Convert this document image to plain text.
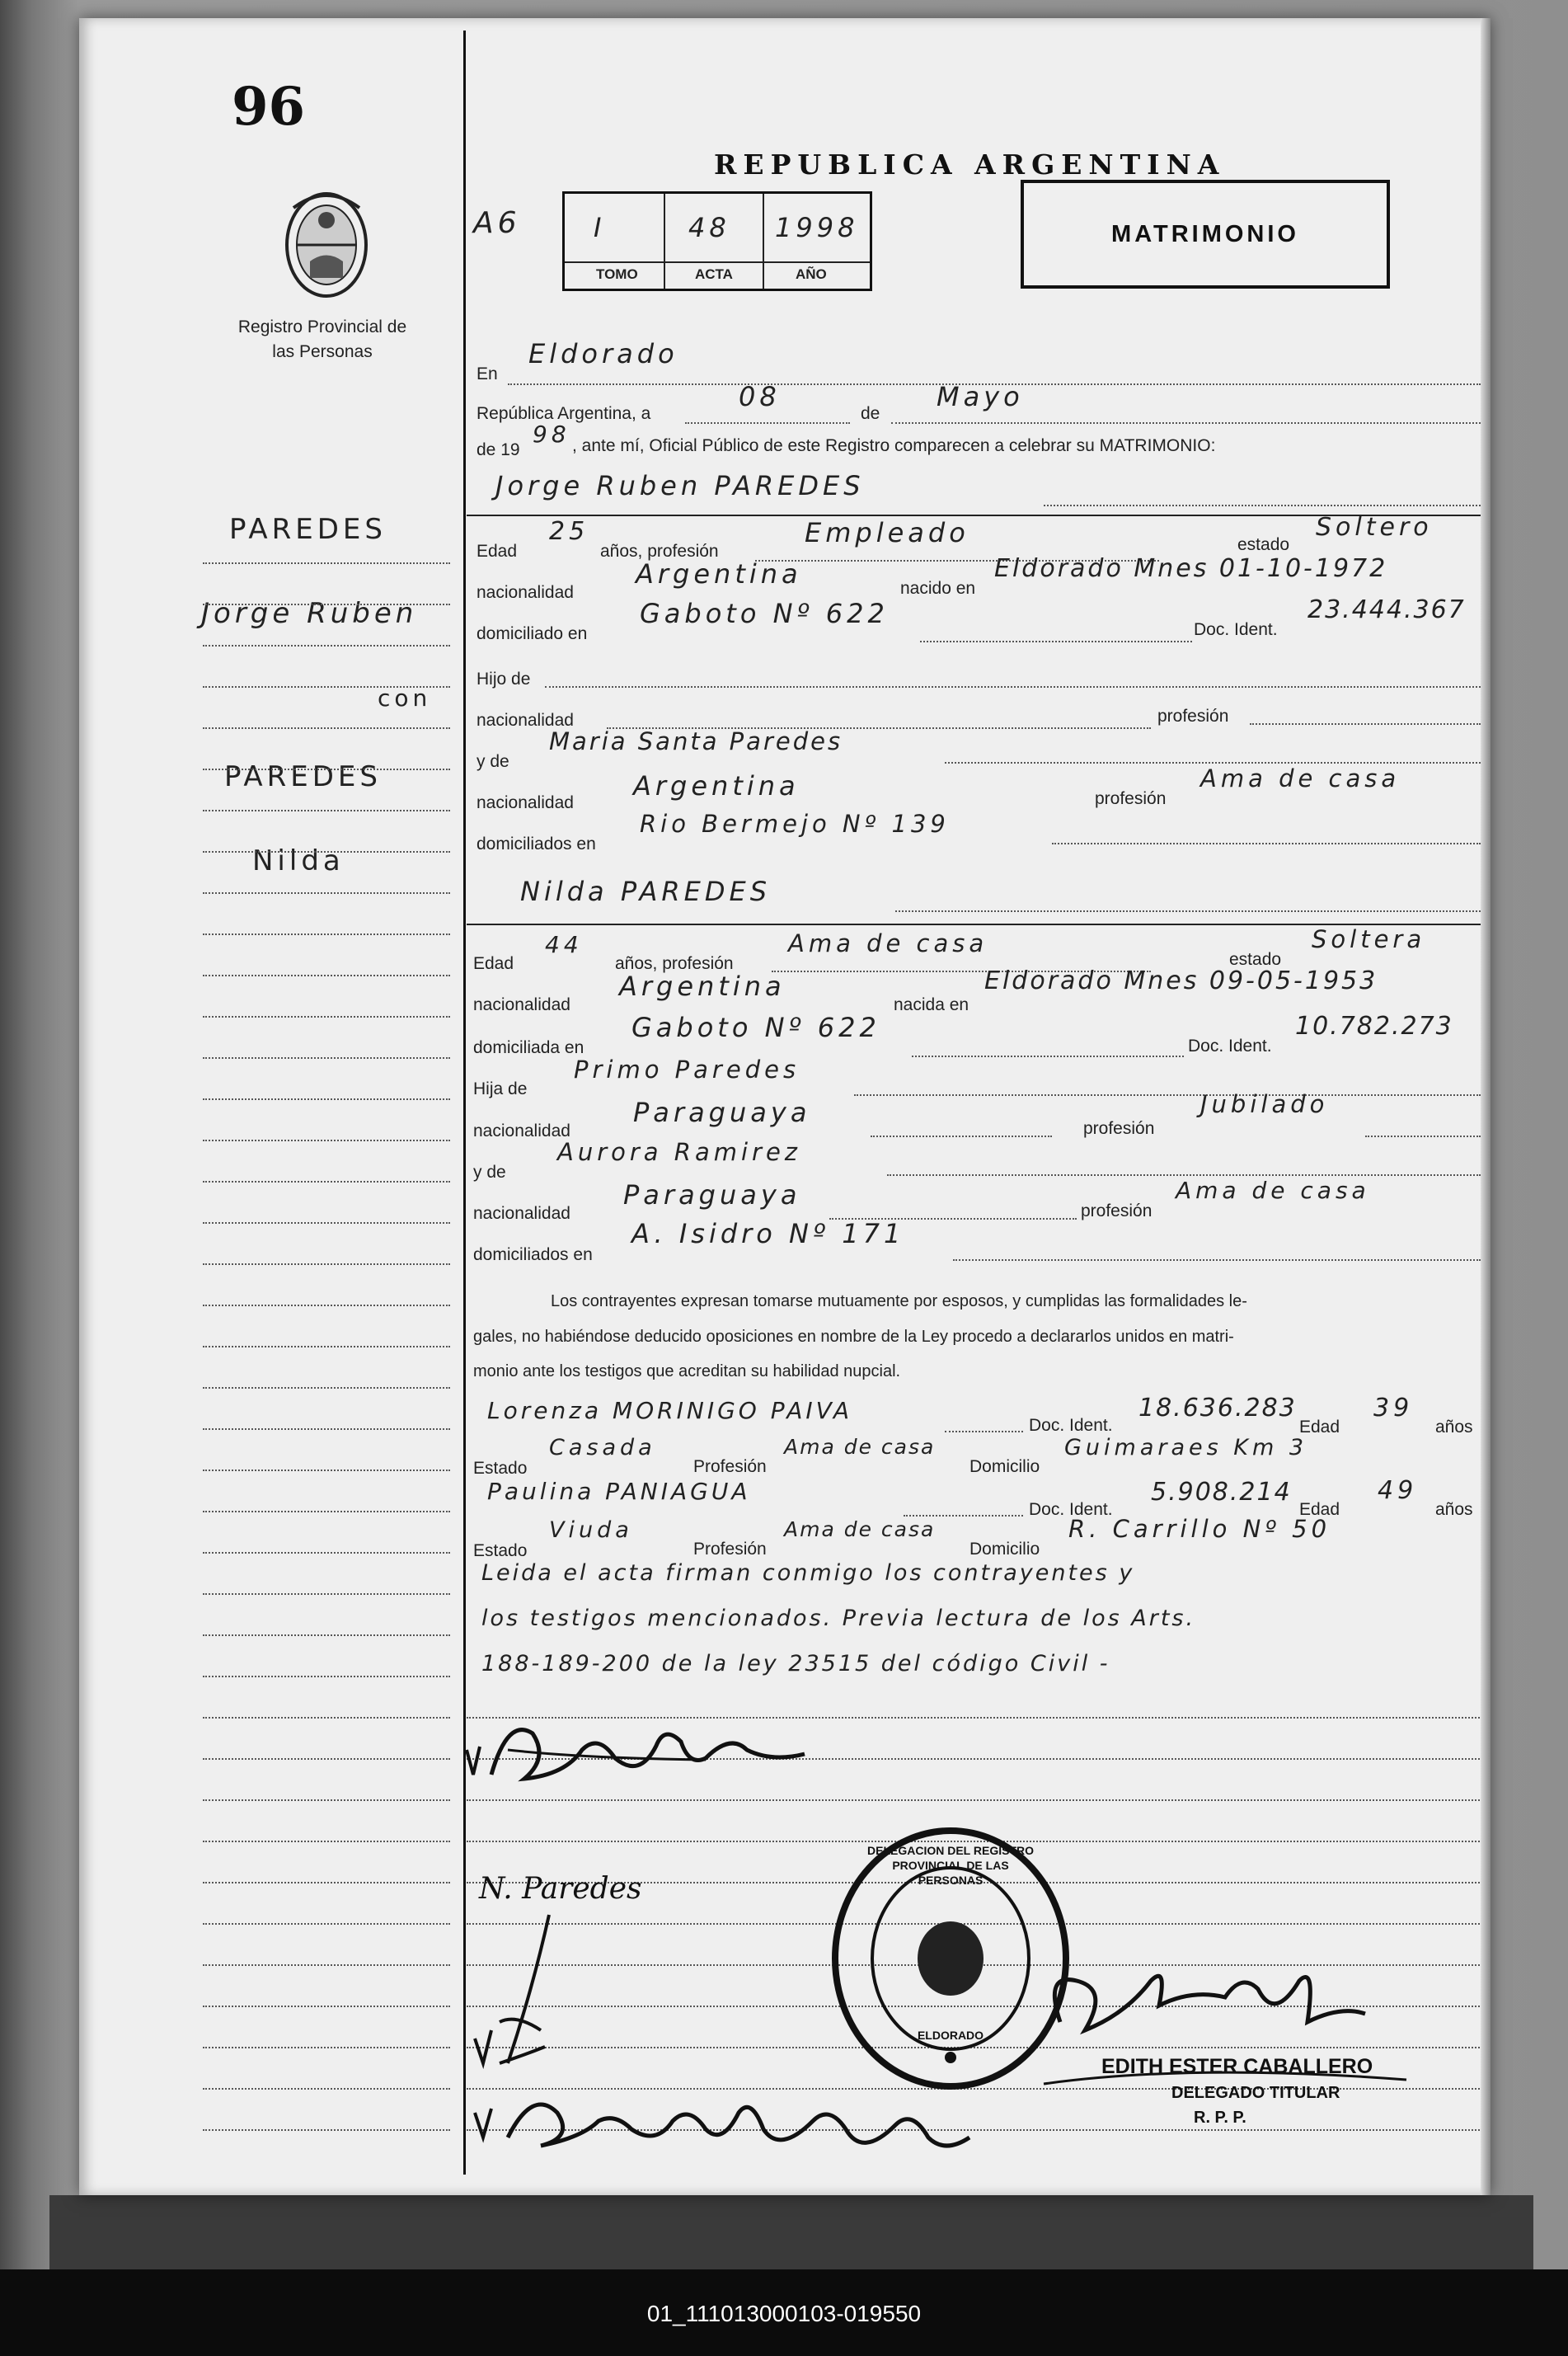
96
Registro Provincial de las Personas
REPUBLICA ARGENTINA
A6	I	48 1998
TOMO	ACTA	AÑO
MATRIMONIO
PAREDES
Jorge Ruben
con
PAREDES
Nilda
En
Eldorado
República Argentina, a
08
de
Mayo
de 19
98 , ante mí, Oficial Público de este Registro comparecen a celebrar su MATRIMONIO:
Jorge Ruben PAREDES
Edad
25
años, profesión
Empleado	estado
Soltero
nacionalidad
Argentina	nacido en
Eldorado Mnes 01-10-1972
domiciliado en
Gaboto Nº 622
Doc. Ident.
23.444.367
Hijo de
nacionalidad	profesión
y de
Maria Santa Paredes
nacionalidad
Argentina	profesión
Ama de casa
domiciliados en
Rio Bermejo Nº 139
Nilda PAREDES
Edad
44
años, profesión
Ama de casa
estado
Soltera
nacionalidad
Argentina
nacida en
Eldorado Mnes 09-05-1953
domiciliada en
Gaboto Nº 622
Doc. Ident.
10.782.273
Hija de
Primo Paredes
nacionalidad
Paraguaya
profesión
Jubilado
y de
Aurora Ramirez
nacionalidad
Paraguaya
profesión
Ama de casa
domiciliados en
A. Isidro Nº 171
Los contrayentes expresan tomarse mutuamente por esposos, y cumplidas las formalidades le-
gales, no habiéndose deducido oposiciones en nombre de la Ley procedo a declararlos unidos en matri-
monio ante los testigos que acreditan su habilidad nupcial.
Lorenza MORINIGO PAIVA
Doc. Ident.
18.636.283
Edad
39
años
Estado
Casada
Profesión
Ama de casa
Domicilio
Guimaraes Km 3
Paulina PANIAGUA
Doc. Ident.
5.908.214
Edad
49
años
Estado
Viuda
Profesión
Ama de casa
Domicilio
R. Carrillo Nº 50
Leida el acta firman conmigo los contrayentes y
los testigos mencionados. Previa lectura de los Arts.
188-189-200 de la ley 23515 del código Civil -
N. Paredes
DELEGACION DEL REGISTRO PROVINCIAL DE LAS PERSONAS
ELDORADO
EDITH ESTER CABALLERO
DELEGADO TITULAR
R. P. P.
01_111013000103-019550
